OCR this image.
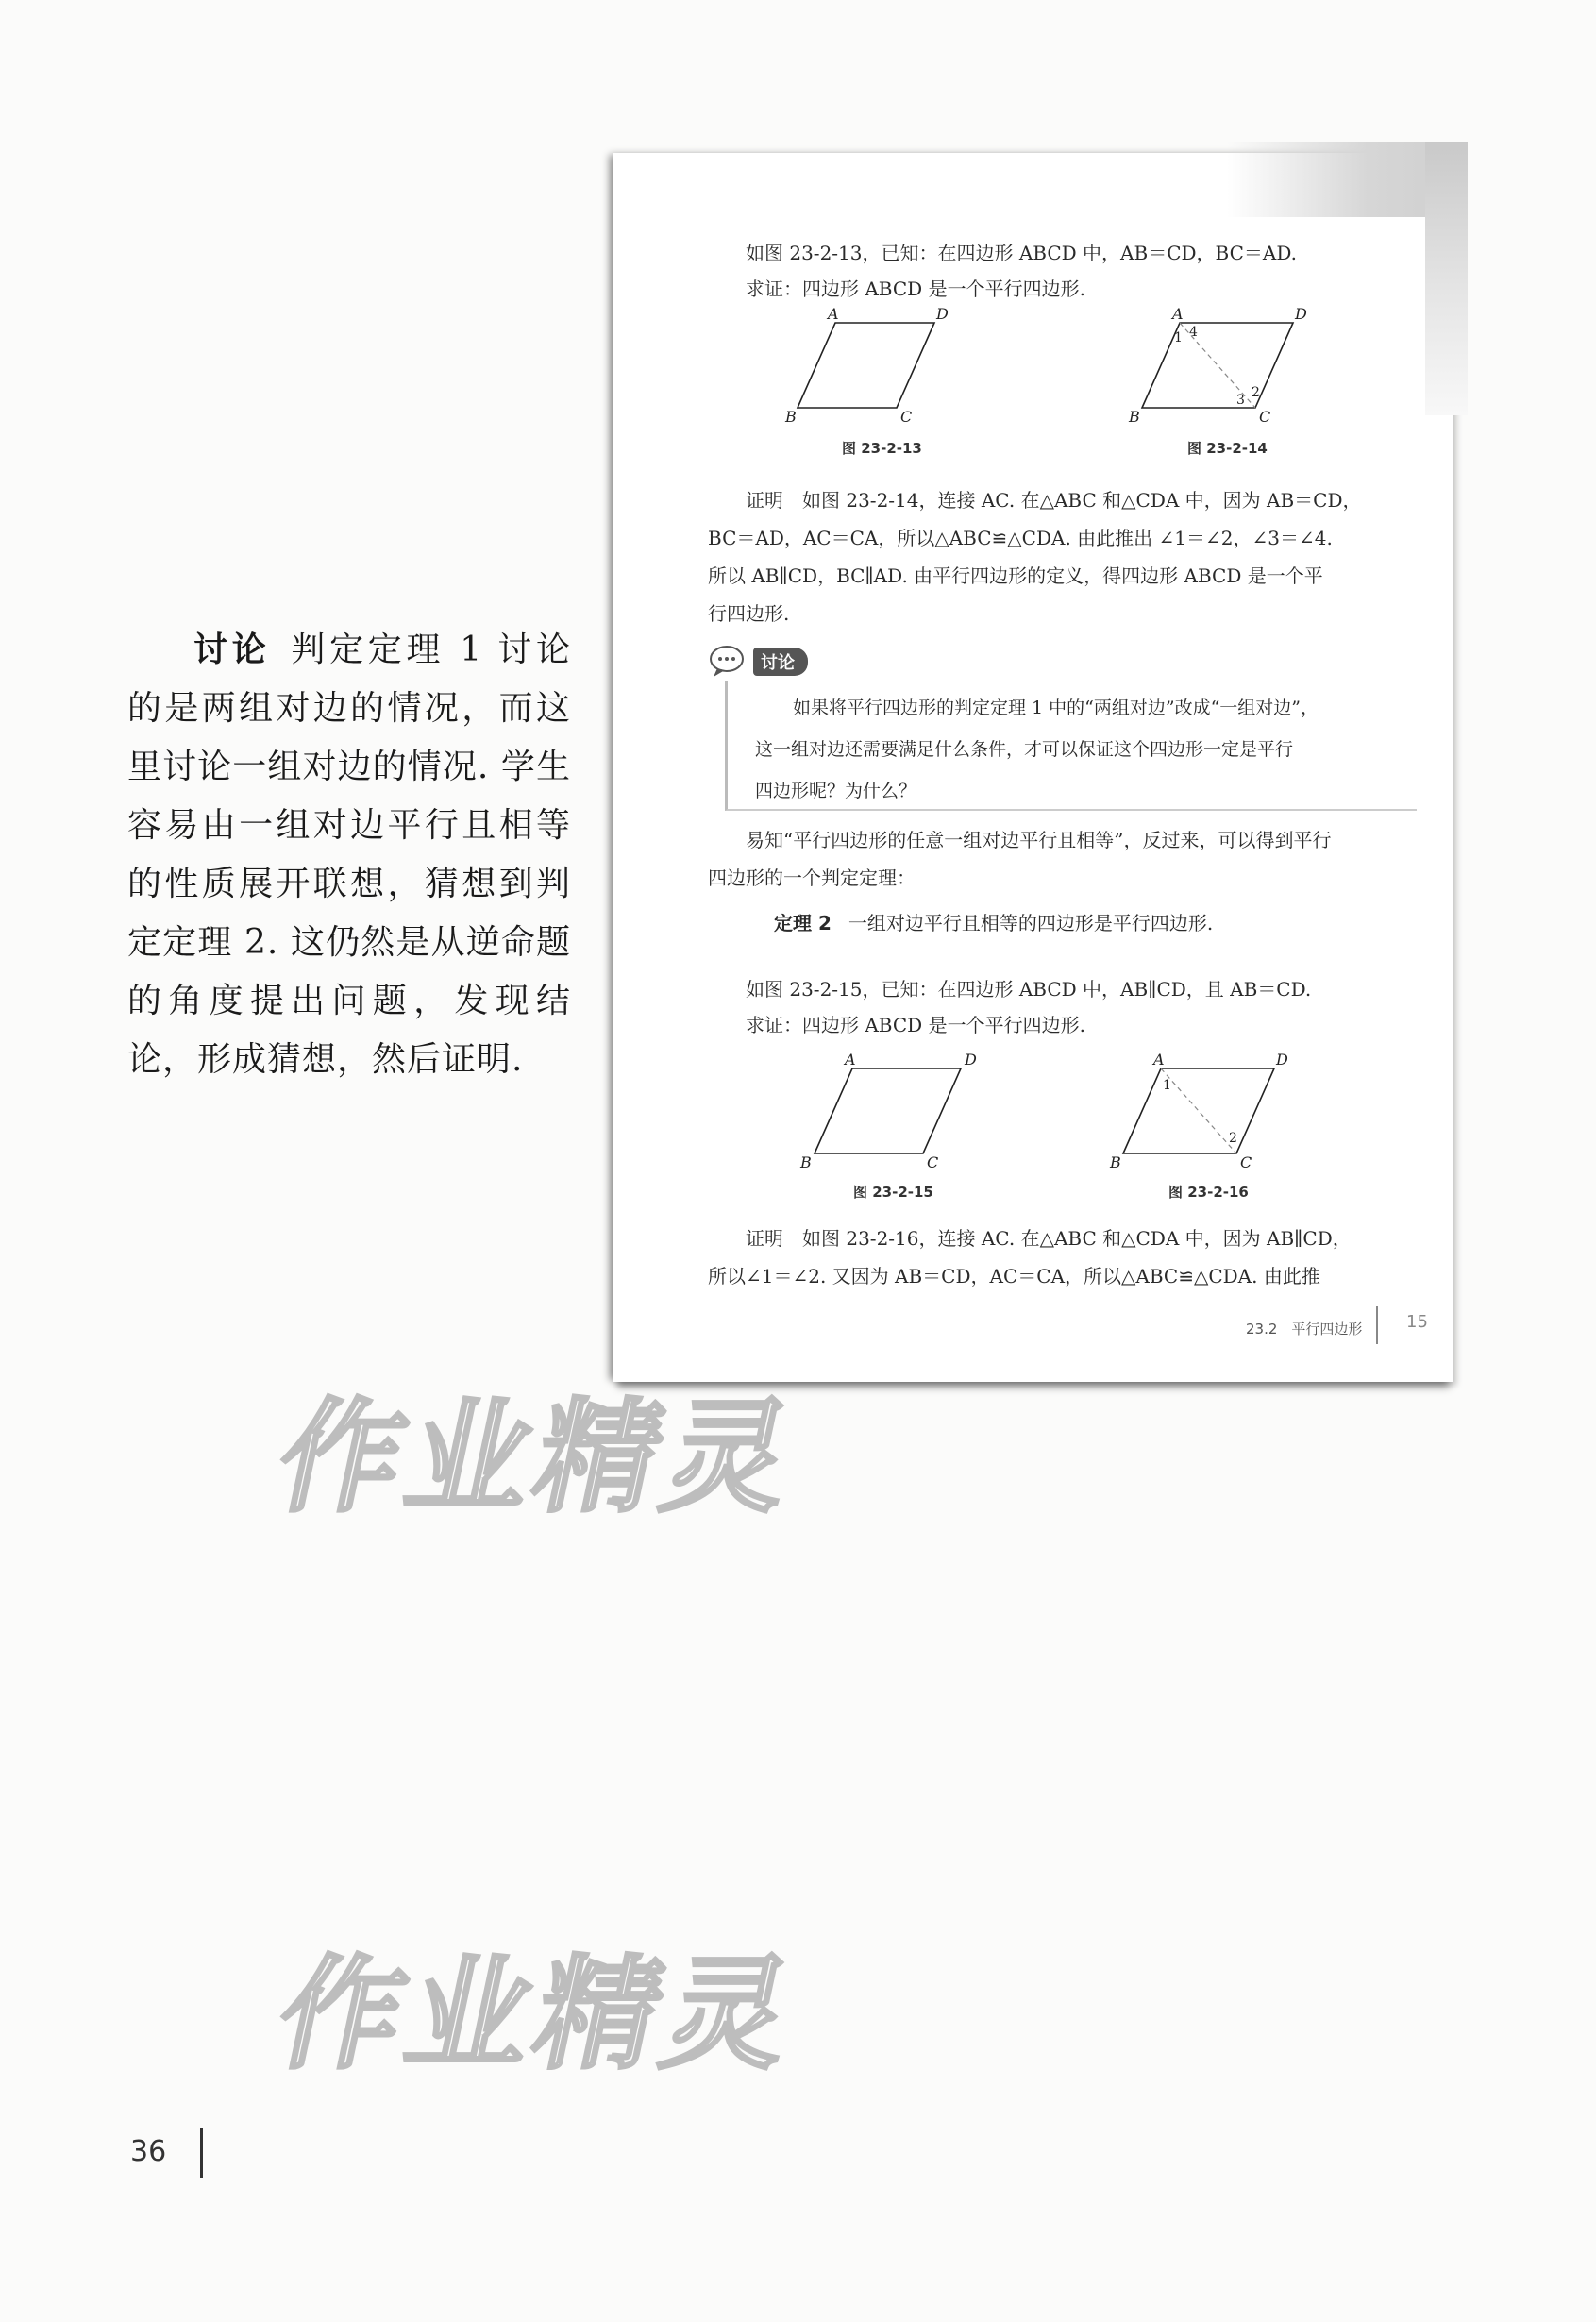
讨论 判定定理 1 讨论的是两组对边的情况，而这里讨论一组对边的情况. 学生容易由一组对边平行且相等的性质展开联想，猜想到判定定理 2. 这仍然是从逆命题的角度提出问题，发现结论，形成猜想，然后证明.
如图 23-2-13，已知：在四边形 ABCD 中，AB＝CD，BC＝AD.
求证：四边形 ABCD 是一个平行四边形.
A	D
B	C
图 23-2-13
A	D
B	C
1 4
2
3
图 23-2-14
证明　如图 23-2-14，连接 AC. 在△ABC 和△CDA 中，因为 AB＝CD，
BC＝AD，AC＝CA，所以△ABC≌△CDA. 由此推出 ∠1＝∠2，∠3＝∠4.
所以 AB∥CD，BC∥AD. 由平行四边形的定义，得四边形 ABCD 是一个平
行四边形.
讨论
如果将平行四边形的判定定理 1 中的“两组对边”改成“一组对边”，
这一组对边还需要满足什么条件，才可以保证这个四边形一定是平行
四边形呢？为什么？
易知“平行四边形的任意一组对边平行且相等”，反过来，可以得到平行
四边形的一个判定定理：
定理 2 一组对边平行且相等的四边形是平行四边形.
如图 23-2-15，已知：在四边形 ABCD 中，AB∥CD，且 AB＝CD.
求证：四边形 ABCD 是一个平行四边形.
A	D
B	C
图 23-2-15
A	D
B	C
1
2
图 23-2-16
证明　如图 23-2-16，连接 AC. 在△ABC 和△CDA 中，因为 AB∥CD，
所以∠1＝∠2. 又因为 AB＝CD，AC＝CA，所以△ABC≌△CDA. 由此推
23.2　平行四边形	15
作业精灵
作业精灵
36
